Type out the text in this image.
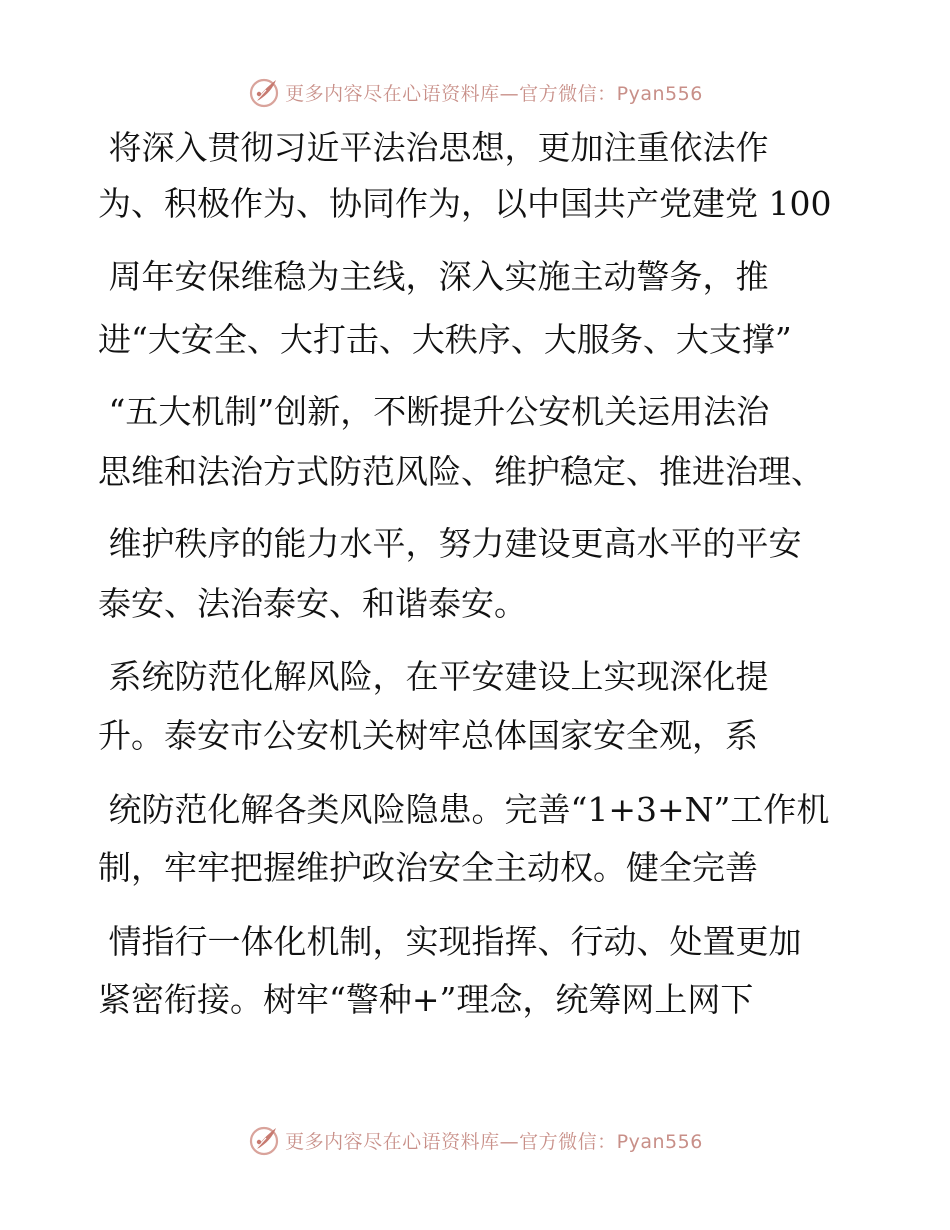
更多内容尽在心语资料库—官方微信：Pyan556
将深入贯彻习近平法治思想，更加注重依法作
为、积极作为、协同作为，以中国共产党建党 100
周年安保维稳为主线，深入实施主动警务，推
进“大安全、大打击、大秩序、大服务、大支撑”
“五大机制”创新，不断提升公安机关运用法治
思维和法治方式防范风险、维护稳定、推进治理、
维护秩序的能力水平，努力建设更高水平的平安
泰安、法治泰安、和谐泰安。
系统防范化解风险，在平安建设上实现深化提
升。泰安市公安机关树牢总体国家安全观，系
统防范化解各类风险隐患。完善“1+3+N”工作机
制，牢牢把握维护政治安全主动权。健全完善
情指行一体化机制，实现指挥、行动、处置更加
紧密衔接。树牢“警种+”理念，统筹网上网下
更多内容尽在心语资料库—官方微信：Pyan556
